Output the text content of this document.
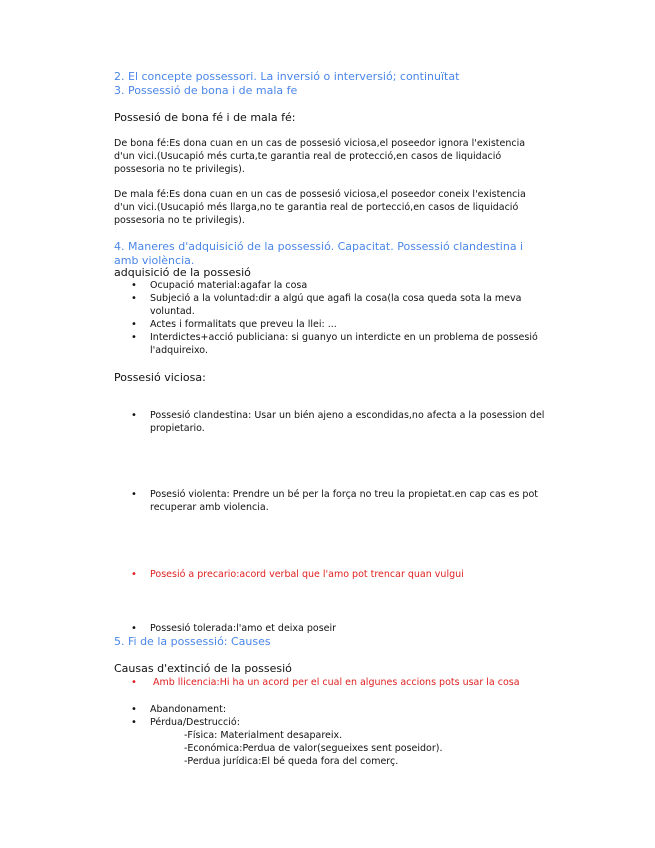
2. El concepte possessori. La inversió o interversió; continuïtat
3. Possessió de bona i de mala fe
Possesió de bona fé i de mala fé:
De bona fé:Es dona cuan en un cas de possesió viciosa,el poseedor ignora l'existencia d'un vici.(Usucapió més curta,te garantia real de protecció,en casos de liquidació possesoria no te privilegis).
De mala fé:Es dona cuan en un cas de possesió viciosa,el poseedor coneix l'existencia d'un vici.(Usucapió més llarga,no te garantia real de portecció,en casos de liquidació possesoria no te privilegis).
4. Maneres d'adquisició de la possessió. Capacitat. Possessió clandestina i amb violència.
adquisició de la possesió
• Ocupació material:agafar la cosa
• Subjeció a la voluntad:dir a algú que agafi la cosa(la cosa queda sota la meva voluntad.
• Actes i formalitats que preveu la llei: ...
• Interdictes+acció publiciana: si guanyo un interdicte en un problema de possesió l'adquireixo.
Possesió viciosa:
• Possesió clandestina: Usar un bién ajeno a escondidas,no afecta a la posession del propietario.
• Posesió violenta: Prendre un bé per la força no treu la propietat.en cap cas es pot recuperar amb violencia.
• Posesió a precario:acord verbal que l'amo pot trencar quan vulgui
• Possesió tolerada:l'amo et deixa poseir
• Amb llicencia:Hi ha un acord per el cual en algunes accions pots usar la cosa
5. Fi de la possessió: Causes
Causas d'extinció de la possesió
• Abandonament:
• Pérdua/Destrucció:
-Física: Materialment desapareix.
-Económica:Perdua de valor(segueixes sent poseidor).
-Perdua jurídica:El bé queda fora del comerç.
